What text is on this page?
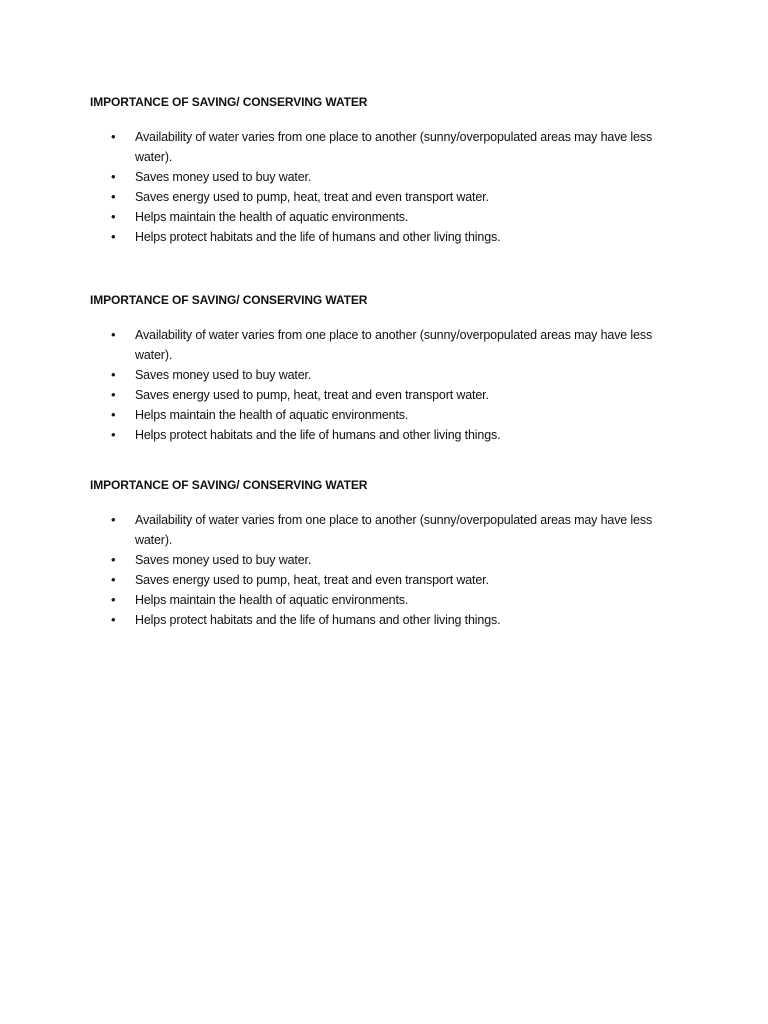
IMPORTANCE OF SAVING/ CONSERVING WATER
• Availability of water varies from one place to another (sunny/overpopulated areas may have less water).
• Saves money used to buy water.
• Saves energy used to pump, heat, treat and even transport water.
• Helps maintain the health of aquatic environments.
• Helps protect habitats and the life of humans and other living things.
IMPORTANCE OF SAVING/ CONSERVING WATER
• Availability of water varies from one place to another (sunny/overpopulated areas may have less water).
• Saves money used to buy water.
• Saves energy used to pump, heat, treat and even transport water.
• Helps maintain the health of aquatic environments.
• Helps protect habitats and the life of humans and other living things.
IMPORTANCE OF SAVING/ CONSERVING WATER
• Availability of water varies from one place to another (sunny/overpopulated areas may have less water).
• Saves money used to buy water.
• Saves energy used to pump, heat, treat and even transport water.
• Helps maintain the health of aquatic environments.
• Helps protect habitats and the life of humans and other living things.
